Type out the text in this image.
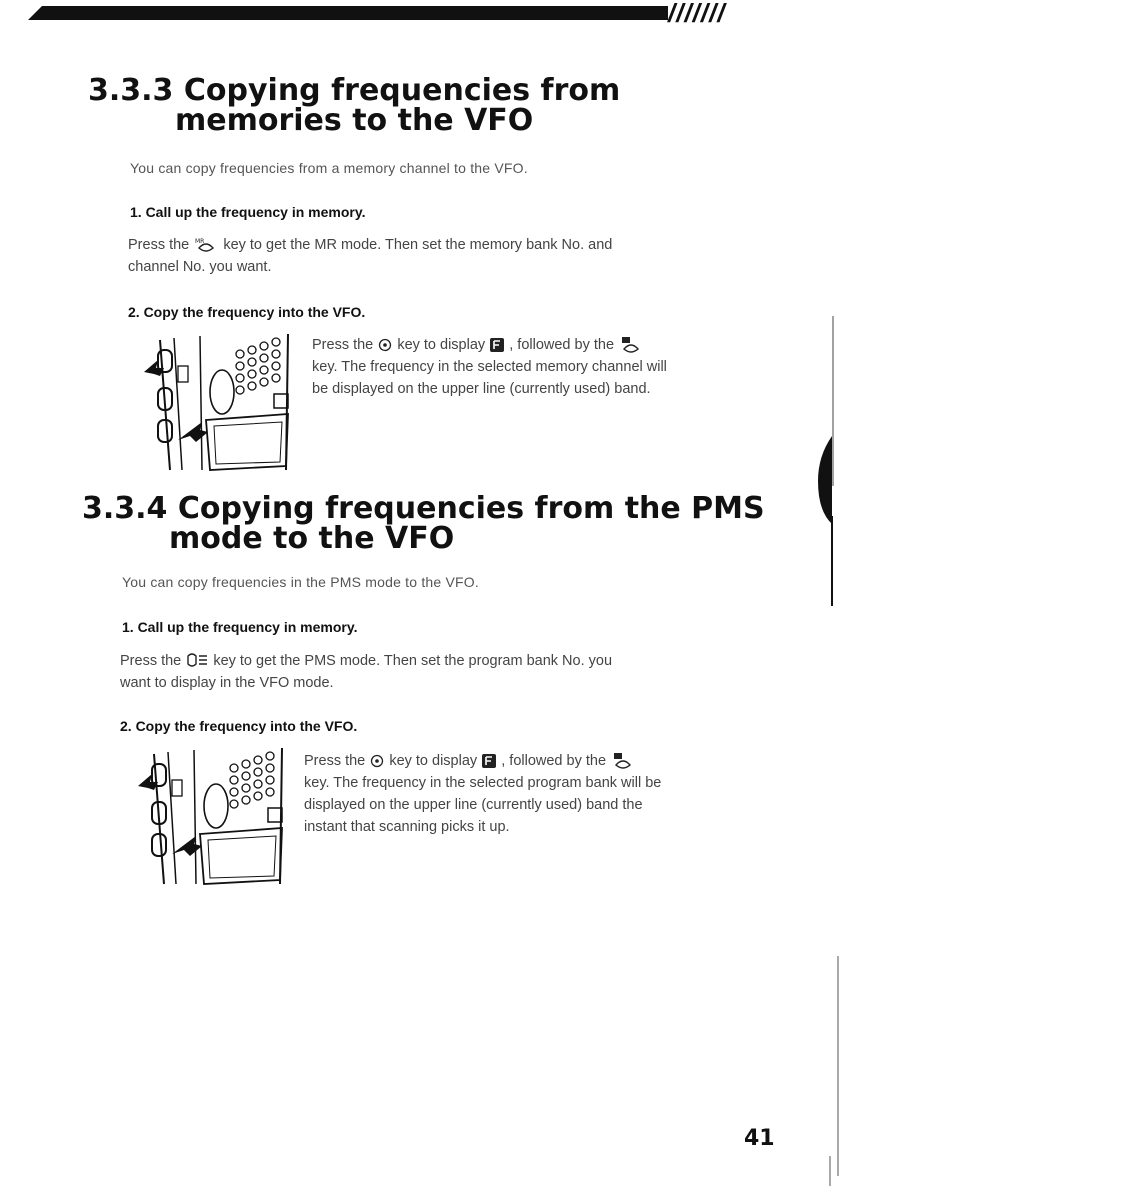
///////
3.3.3 Copying frequencies from
memories to the VFO
You can copy frequencies from a memory channel to the VFO.
1. Call up the frequency in memory.
Press the MR key to get the MR mode. Then set the memory bank No. and
channel No. you want.
2. Copy the frequency into the VFO.
Press the key to display , followed by the
key. The frequency in the selected memory channel will
be displayed on the upper line (currently used) band.
3.3.4 Copying frequencies from the PMS
mode to the VFO
You can copy frequencies in the PMS mode to the VFO.
1. Call up the frequency in memory.
Press the key to get the PMS mode. Then set the program bank No. you
want to display in the VFO mode.
2. Copy the frequency into the VFO.
Press the key to display , followed by the
key. The frequency in the selected program bank will be
displayed on the upper line (currently used) band the
instant that scanning picks it up.
41
